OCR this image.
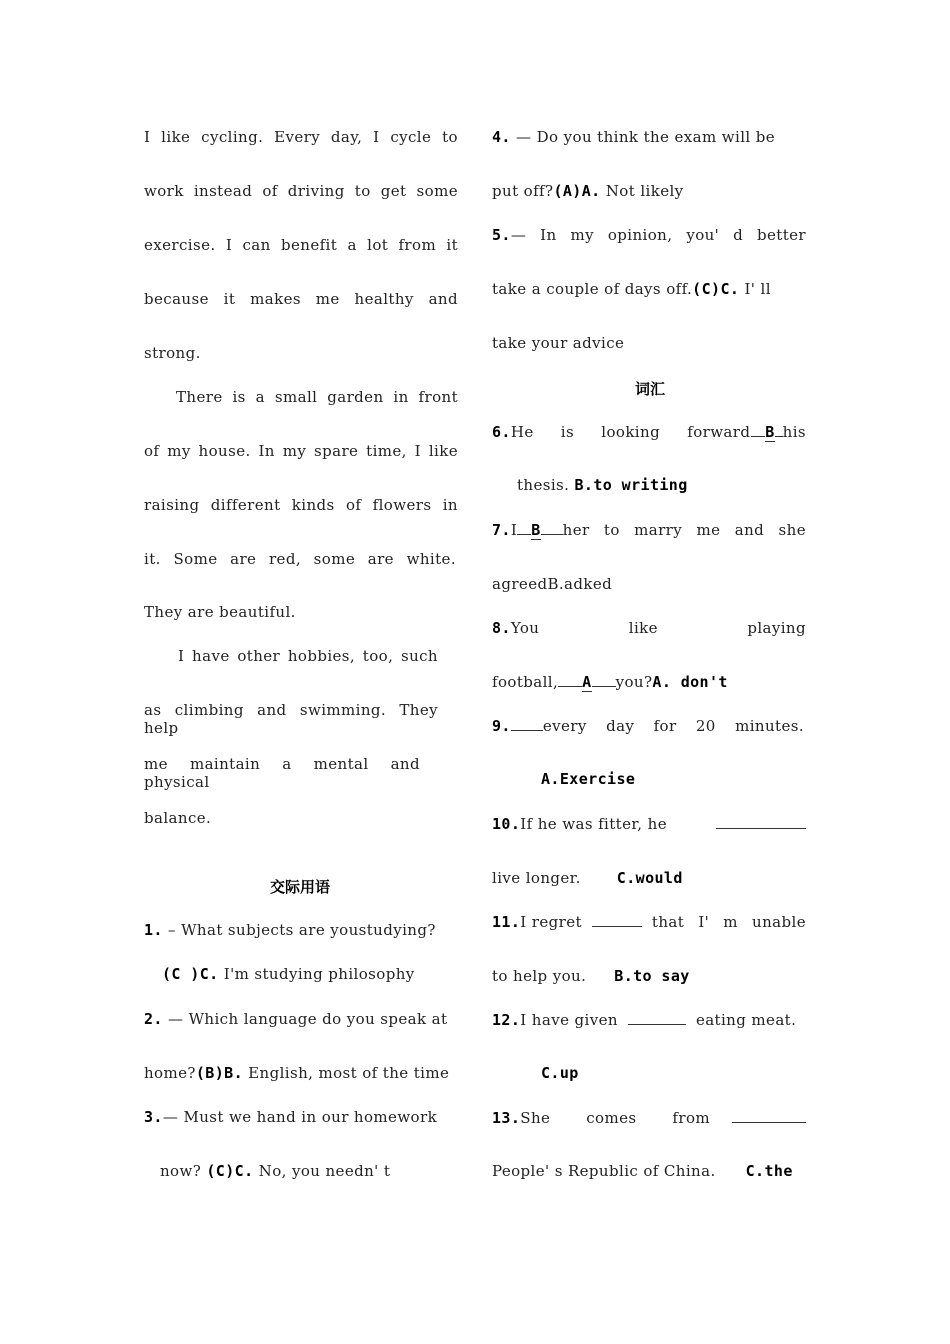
I like cycling. Every day, I cycle to
work instead of driving to get some
exercise. I can benefit a lot from it
because it makes me healthy and
strong.
There is a small garden in front
of my house. In my spare time, I like
raising different kinds of flowers in
it. Some are red, some are white.
They are beautiful.
I have other hobbies, too, such
as climbing and swimming. They help
me maintain a mental and physical
balance.
交际用语
1. – What subjects are youstudying?
(C )C. I'm studying philosophy
2. — Which language do you speak at
home?(B)B. English, most of the time
3.— Must we hand in our homework
now? (C)C. No, you needn' t
4. — Do you think the exam will be
put off?(A)A. Not likely
5. — In my opinion, you' d better
take a couple of days off.(C)C. I' ll
take your advice
词汇
6.He is looking forward B his
thesis. B.to writing
7. I B her to marry me and she
agreedB.adked
8. You like playing
football, A you?A. don't
9. every day for 20 minutes.
A.Exercise
10. If he was fitter, he
live longer. C.would
11. I regret	that I' m unable
to help you. B.to say
12. I have given	eating meat.
C.up
13. She comes from
People' s Republic of China. C.the
